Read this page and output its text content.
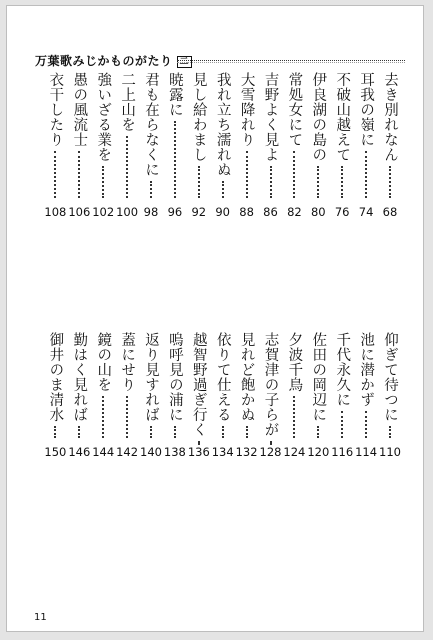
万葉歌みじかものがたり 二
去き別れなん
68
耳我の嶺に
74
不破山越えて
76
伊良湖の島の
80
常処女にて
82
吉野よく見よ
86
大雪降れり
88
我れ立ち濡れぬ
90
見し給わまし
92
暁露に
96
君も在らなくに
98
二上山を
100
強いざる業を
102
愚の風流士
106
衣干したり
108
仰ぎて待つに
110
池に潜かず
114
千代永久に
116
佐田の岡辺に
120
夕波千鳥
124
志賀津の子らが
128
見れど飽かぬ
132
依りて仕える
134
越智野過ぎ行く
136
嗚呼見の浦に
138
返り見すれば
140
蓋にせり
142
鏡の山を
144
勤はく見れば
146
御井のま清水
150
11
